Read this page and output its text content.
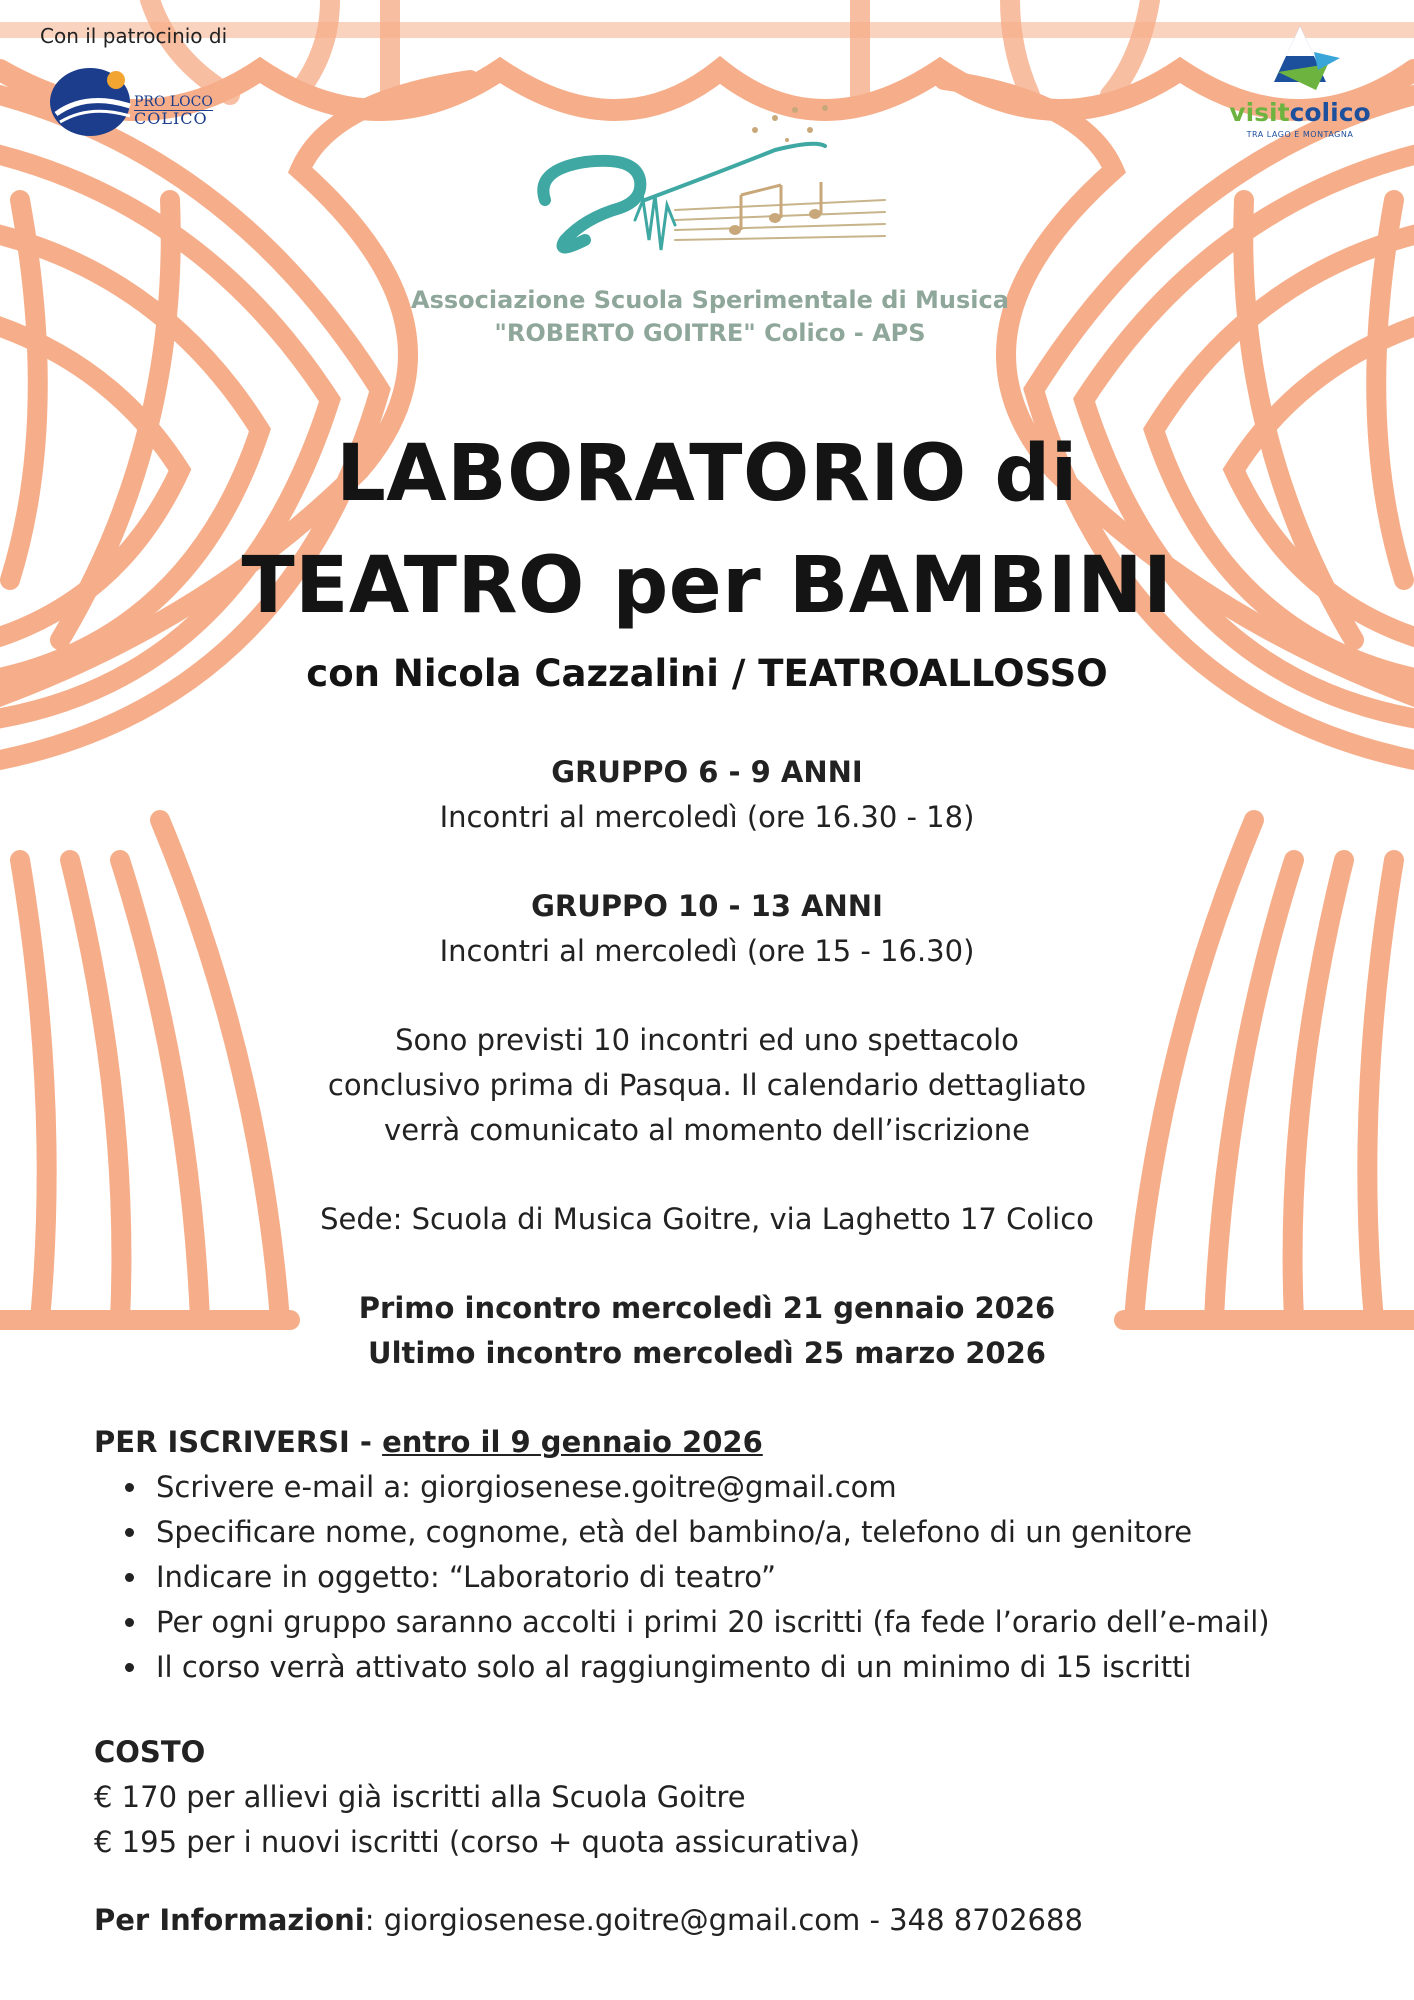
Con il patrocinio di
PRO LOCO
COLICO	visitcolico
TRA LAGO E MONTAGNA
Associazione Scuola Sperimentale di Musica
"ROBERTO GOITRE" Colico - APS
LABORATORIO di
TEATRO per BAMBINI
con Nicola Cazzalini / TEATROALLOSSO
GRUPPO 6 - 9 ANNI
Incontri al mercoledì (ore 16.30 - 18)
GRUPPO 10 - 13 ANNI
Incontri al mercoledì (ore 15 - 16.30)
Sono previsti 10 incontri ed uno spettacolo
conclusivo prima di Pasqua. Il calendario dettagliato
verrà comunicato al momento dell’iscrizione
Sede: Scuola di Musica Goitre, via Laghetto 17 Colico
Primo incontro mercoledì 21 gennaio 2026
Ultimo incontro mercoledì 25 marzo 2026
PER ISCRIVERSI - entro il 9 gennaio 2026
• Scrivere e-mail a: giorgiosenese.goitre@gmail.com
• Specificare nome, cognome, età del bambino/a, telefono di un genitore
• Indicare in oggetto: “Laboratorio di teatro”
• Per ogni gruppo saranno accolti i primi 20 iscritti (fa fede l’orario dell’e-mail)
• Il corso verrà attivato solo al raggiungimento di un minimo di 15 iscritti
COSTO
€ 170 per allievi già iscritti alla Scuola Goitre
€ 195 per i nuovi iscritti (corso + quota assicurativa)
Per Informazioni: giorgiosenese.goitre@gmail.com - 348 8702688
